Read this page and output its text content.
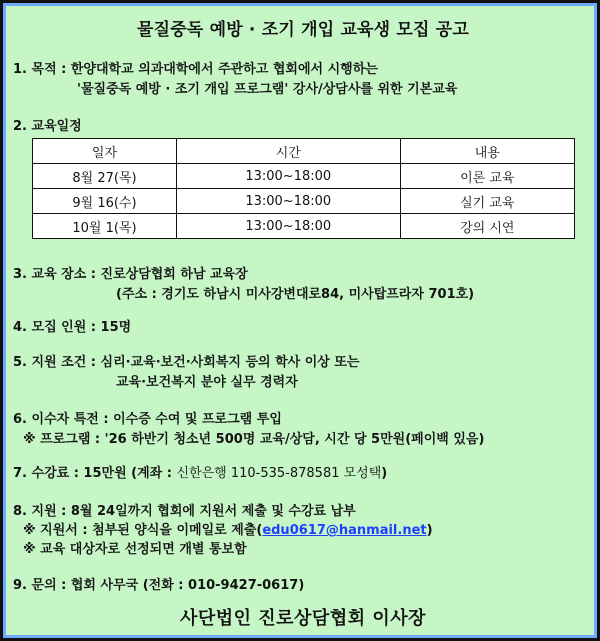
물질중독 예방 · 조기 개입 교육생 모집 공고
1. 목적 : 한양대학교 의과대학에서 주관하고 협회에서 시행하는
'물질중독 예방 · 조기 개입 프로그램' 강사/상담사를 위한 기본교육
2. 교육일정
일자	시간	내용
8월 27(목)	13:00~18:00	이론 교육
9월 16(수)	13:00~18:00	실기 교육
10월 1(목)	13:00~18:00	강의 시연
3. 교육 장소 : 진로상담협회 하남 교육장
(주소 : 경기도 하남시 미사강변대로84, 미사탑프라자 701호)
4. 모집 인원 : 15명
5. 지원 조건 : 심리·교육·보건·사회복지 등의 학사 이상 또는
교육·보건복지 분야 실무 경력자
6. 이수자 특전 : 이수증 수여 및 프로그램 투입
※ 프로그램 : '26 하반기 청소년 500명 교육/상담, 시간 당 5만원(페이백 있음)
7. 수강료 : 15만원 (계좌 : 신한은행 110-535-878581 모성택)
8. 지원 : 8월 24일까지 협회에 지원서 제출 및 수강료 납부
※ 지원서 : 첨부된 양식을 이메일로 제출(edu0617@hanmail.net)
※ 교육 대상자로 선정되면 개별 통보함
9. 문의 : 협회 사무국 (전화 : 010-9427-0617)
사단법인 진로상담협회 이사장
